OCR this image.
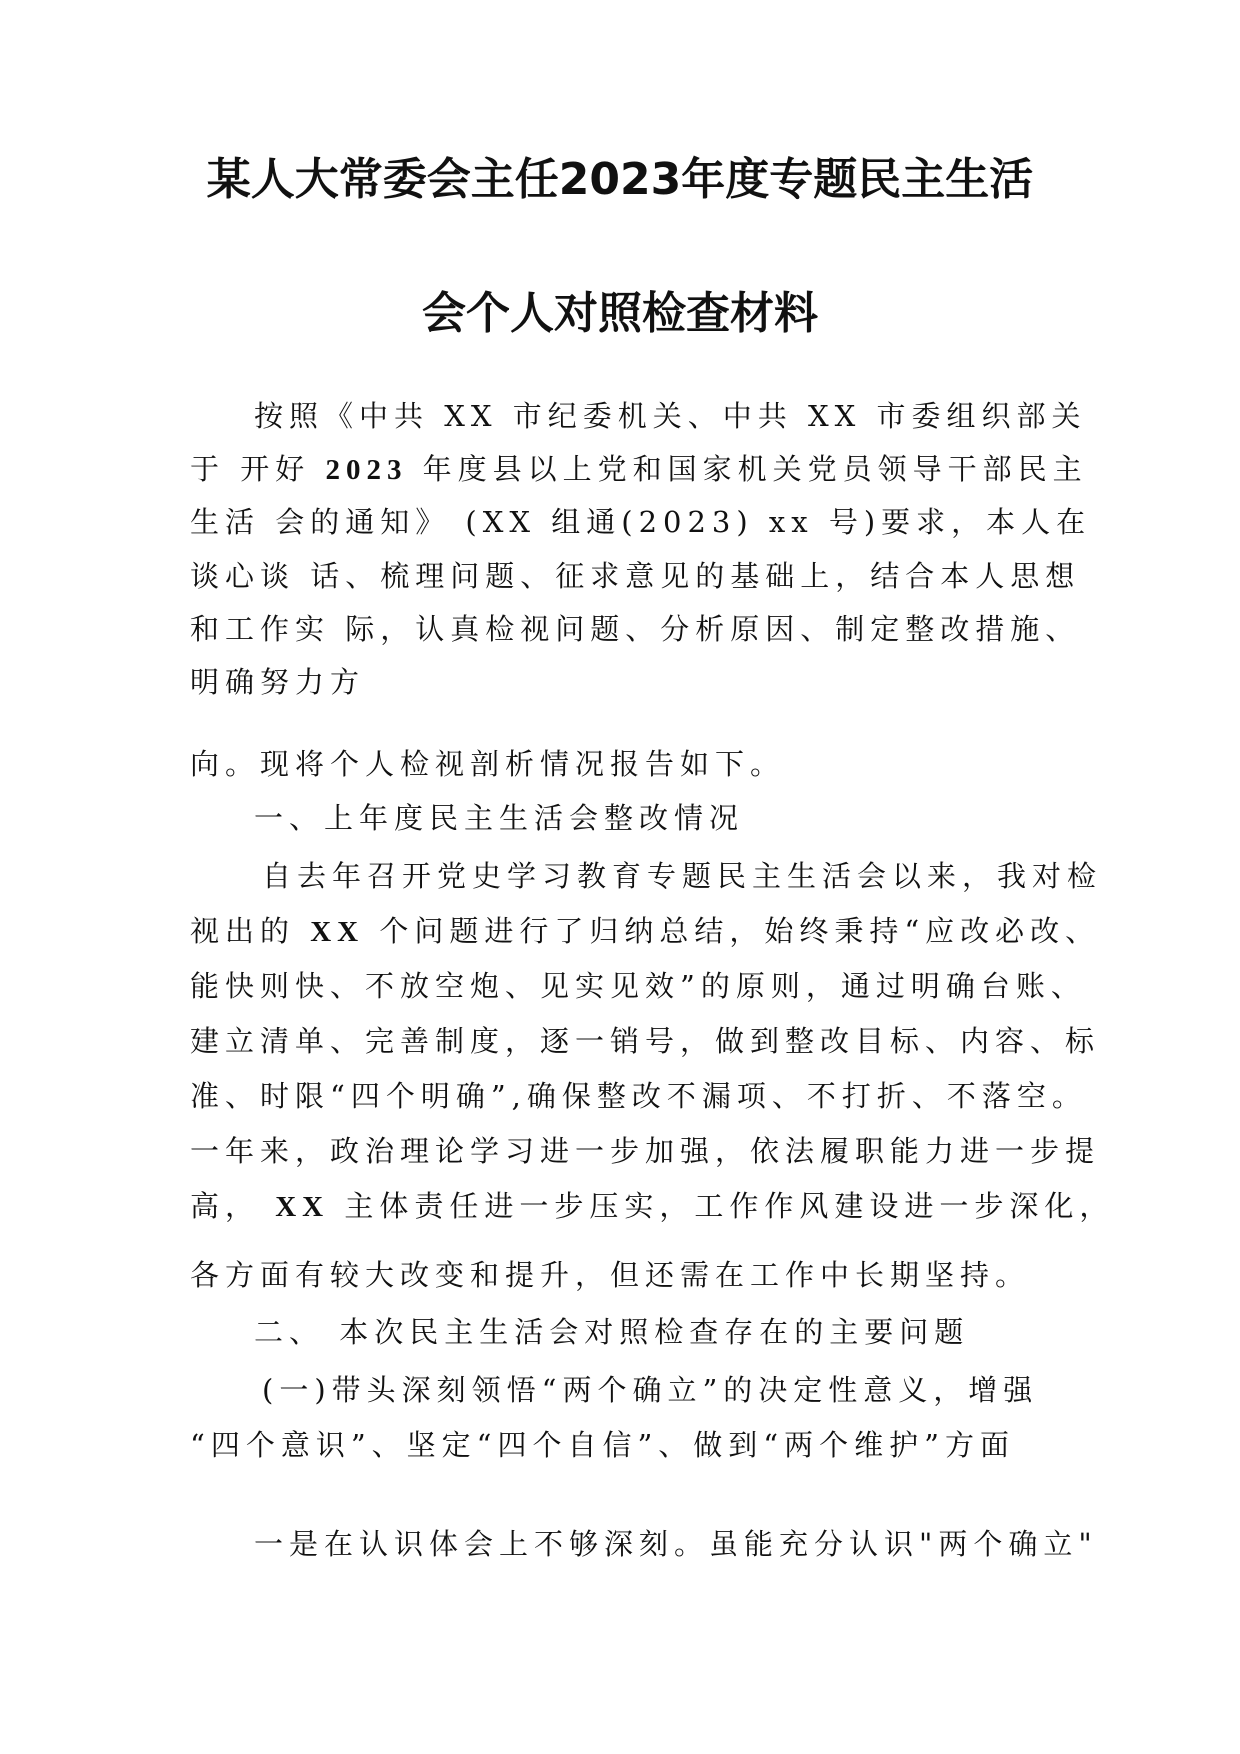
某人大常委会主任2023年度专题民主生活
会个人对照检查材料
按照《中共 XX 市纪委机关、中共 XX 市委组织部关
于 开好 2023 年度县以上党和国家机关党员领导干部民主
生活 会的通知》 (XX 组通(2023) xx 号)要求，本人在
谈心谈 话、梳理问题、征求意见的基础上，结合本人思想
和工作实 际，认真检视问题、分析原因、制定整改措施、
明确努力方
向。现将个人检视剖析情况报告如下。
一、上年度民主生活会整改情况
自去年召开党史学习教育专题民主生活会以来，我对检
视出的 XX 个问题进行了归纳总结，始终秉持“应改必改、
能快则快、不放空炮、见实见效”的原则，通过明确台账、
建立清单、完善制度，逐一销号，做到整改目标、内容、标
准、时限“四个明确”,确保整改不漏项、不打折、不落空。
一年来，政治理论学习进一步加强，依法履职能力进一步提
高， XX 主体责任进一步压实，工作作风建设进一步深化，
各方面有较大改变和提升，但还需在工作中长期坚持。
二、 本次民主生活会对照检查存在的主要问题
(一)带头深刻领悟“两个确立”的决定性意义，增强
“四个意识”、坚定“四个自信”、做到“两个维护”方面
一是在认识体会上不够深刻。虽能充分认识"两个确立"
